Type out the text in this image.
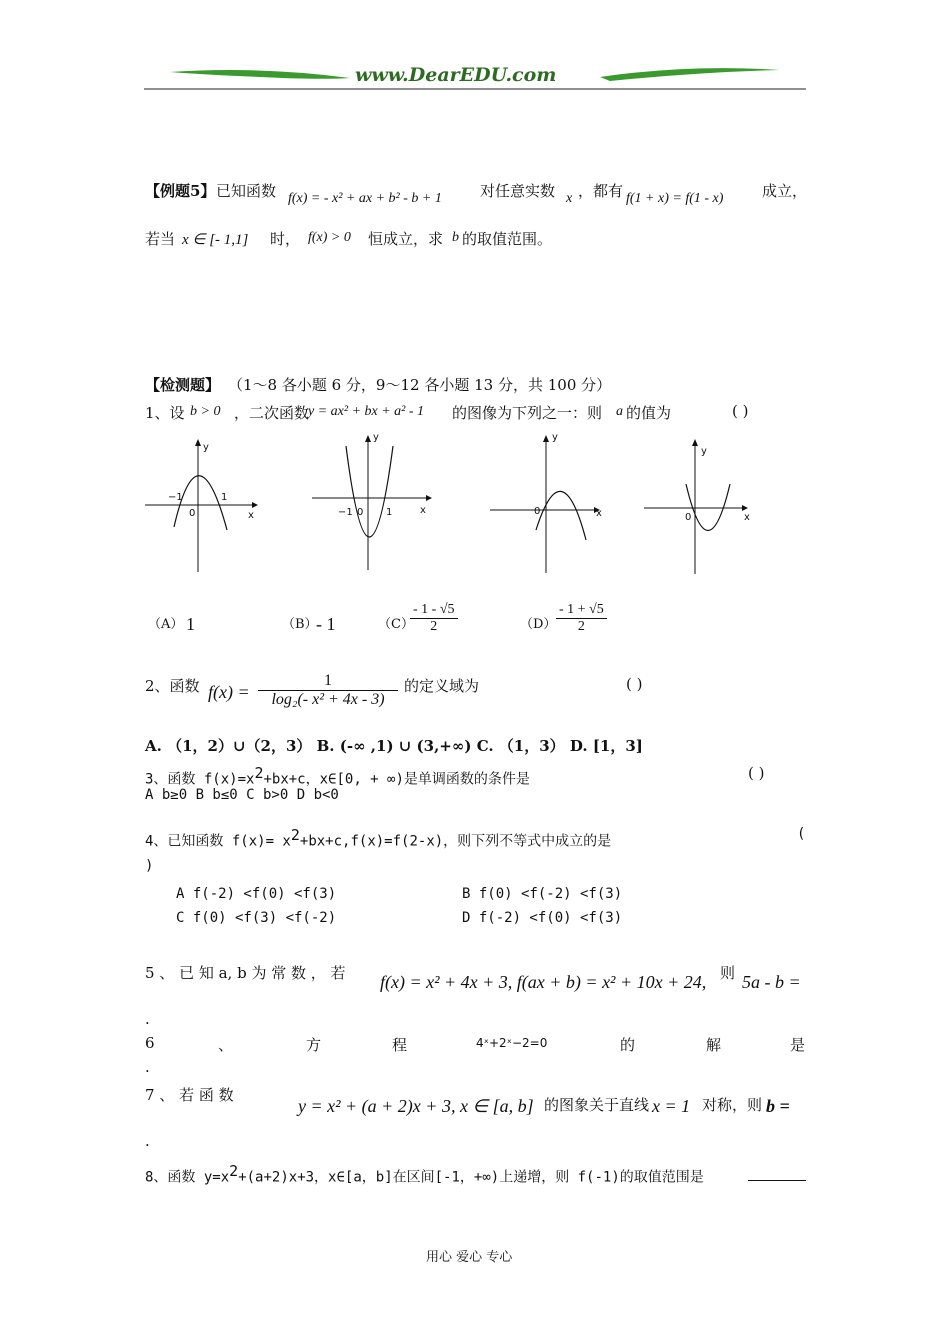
www.DearEDU.com
【例题5】 已知函数 f(x) = - x² + ax + b² - b + 1	对任意实数 x ，都有 f(1 + x) = f(1 - x)	成立，
若当 x ∈ [- 1,1] 时， f(x) > 0 恒成立，求 b 的取值范围。
【检测题】 （1～8 各小题 6 分，9～12 各小题 13 分，共 100 分）
1、设 b > 0 ，二次函数
y = ax² + bx + a² - 1 的图像为下列之一：则 a 的值为	( )
y
x
−1
0
1
y
x
−1 0 1
y
x
0
y
x
0
（A） 1	（B）
- 1	（C）
$\frac{- 1 - √5}{2}$	$(D) \frac{- 1 + √5}{2}$
2、函数 $f(x) = \frac{1}{\text{log₂(- x² + 4x - 3)}}$ 的定义域为	( )
A. （1，2）∪（2，3） B. (-∞ ,1) ∪ (3,+∞) C. （1，3） D. [1，3]
3、函数 $f(x)=x^2+bx+c$，x∈[0, + ∞)是单调函数的条件是	( )
A b≥0 B b≤0 C b>0 D b<0
4、已知函数 $f(x)= x^2+bx+c,f(x)=f(2-x)$，则下列不等式中成立的是	(
)
A f(-2) <f(0) <f(3)	B f(0) <f(-2) <f(3)
C f(0) <f(3) <f(-2)	D f(-2) <f(0) <f(3)
5 、 已 知 a, b 为 常 数 ， 若 f(x) = x² + 4x + 3, f(ax + b) = x² + 10x + 24, 则 5a - b =
.
6	、	方	程	4ˣ+2ˣ−2=0	的	解	是
.
7 、 若 函 数
y = x² + (a + 2)x + 3, x ∈ [a, b] 的图象关于直线 x = 1 对称，则 b =
.
8、函数 $y=x^2+(a+2)x+3$，x∈[a，b]在区间[-1，+∞)上递增，则 f(-1)的取值范围是
用心 爱心 专心
